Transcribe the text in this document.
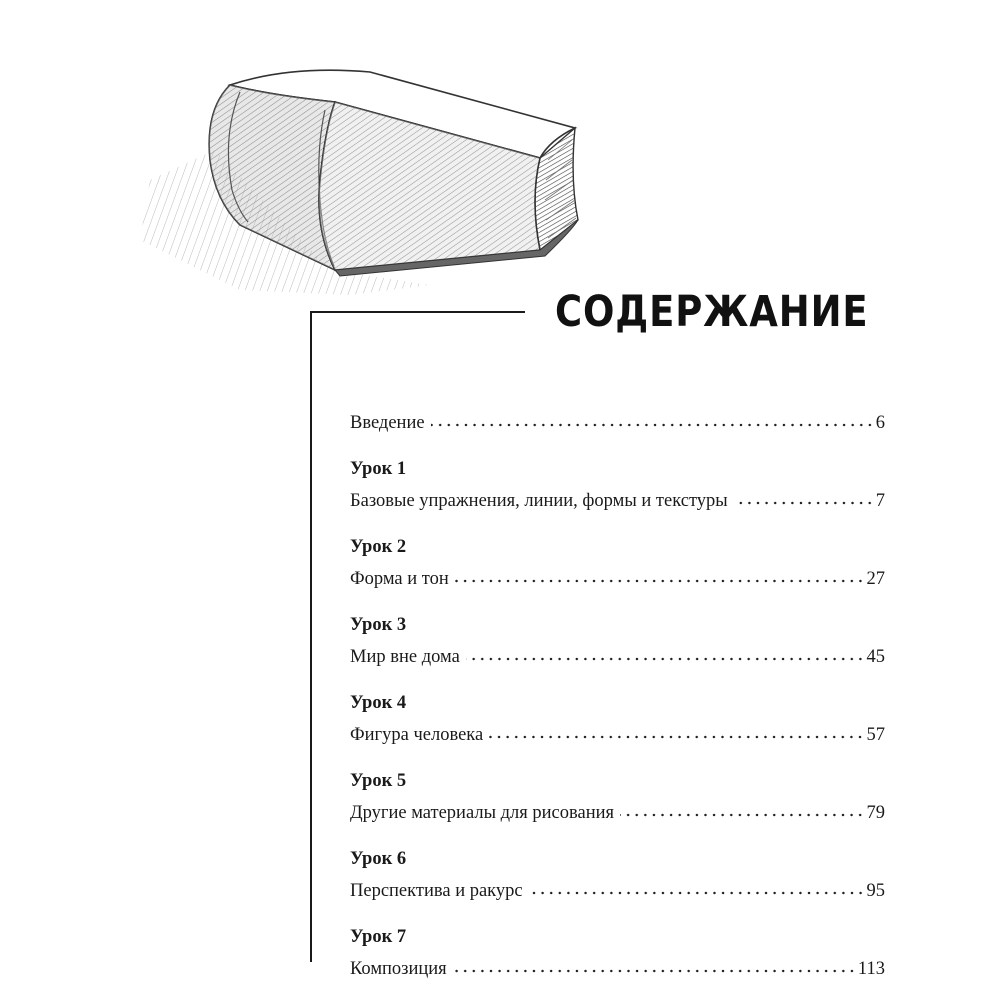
СОДЕРЖАНИЕ
Введение	6
Урок 1
Базовые упражнения, линии, формы и текстуры	7
Урок 2
Форма и тон	27
Урок 3
Мир вне дома	45
Урок 4
Фигура человека	57
Урок 5
Другие материалы для рисования	79
Урок 6
Перспектива и ракурс	95
Урок 7
Композиция	113
